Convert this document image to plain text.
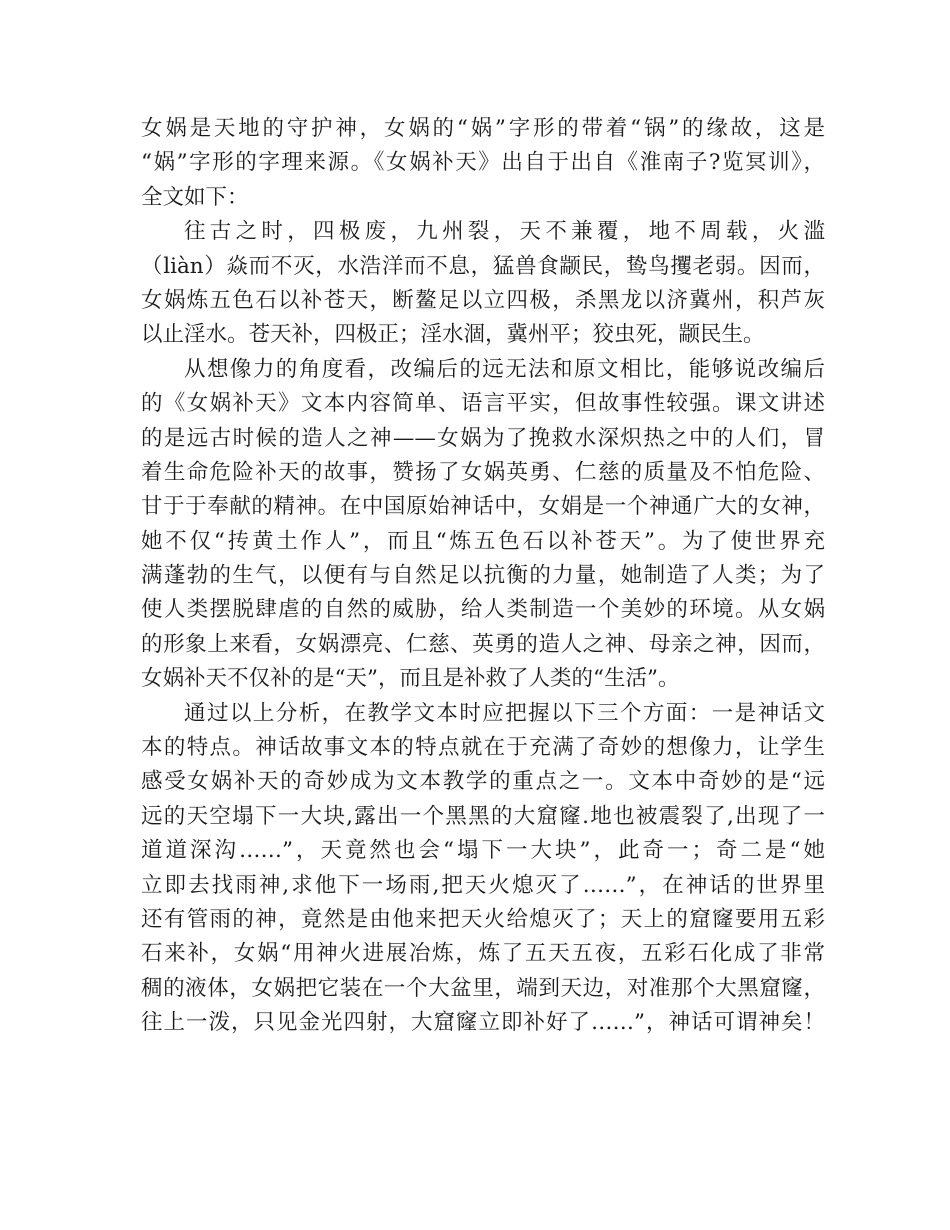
女娲是天地的守护神，女娲的“娲”字形的带着“锅”的缘故，这是
“娲”字形的字理来源。《女娲补天》出自于出自《淮南子?览冥训》，
全文如下：
往古之时，四极废，九州裂，天不兼覆，地不周载，火滥
（liàn）焱而不灭，水浩洋而不息，猛兽食颛民，鸷鸟攫老弱。因而，
女娲炼五色石以补苍天，断鳌足以立四极，杀黑龙以济冀州，积芦灰
以止淫水。苍天补，四极正；淫水涸，冀州平；狡虫死，颛民生。
从想像力的角度看，改编后的远无法和原文相比，能够说改编后
的《女娲补天》文本内容简单、语言平实，但故事性较强。课文讲述
的是远古时候的造人之神——女娲为了挽救水深炽热之中的人们，冒
着生命危险补天的故事，赞扬了女娲英勇、仁慈的质量及不怕危险、
甘于于奉献的精神。在中国原始神话中，女娟是一个神通广大的女神，
她不仅“抟黄土作人”，而且“炼五色石以补苍天”。为了使世界充
满蓬勃的生气，以便有与自然足以抗衡的力量，她制造了人类；为了
使人类摆脱肆虐的自然的威胁，给人类制造一个美妙的环境。从女娲
的形象上来看，女娲漂亮、仁慈、英勇的造人之神、母亲之神，因而，
女娲补天不仅补的是“天”，而且是补救了人类的“生活”。
通过以上分析，在教学文本时应把握以下三个方面：一是神话文
本的特点。神话故事文本的特点就在于充满了奇妙的想像力，让学生
感受女娲补天的奇妙成为文本教学的重点之一。文本中奇妙的是“远
远的天空塌下一大块,露出一个黑黑的大窟窿.地也被震裂了,出现了一
道道深沟……”，天竟然也会“塌下一大块”，此奇一；奇二是“她
立即去找雨神,求他下一场雨,把天火熄灭了……”，在神话的世界里
还有管雨的神，竟然是由他来把天火给熄灭了；天上的窟窿要用五彩
石来补，女娲“用神火进展冶炼，炼了五天五夜，五彩石化成了非常
稠的液体，女娲把它装在一个大盆里，端到天边，对准那个大黑窟窿，
往上一泼，只见金光四射，大窟窿立即补好了……”，神话可谓神矣！
